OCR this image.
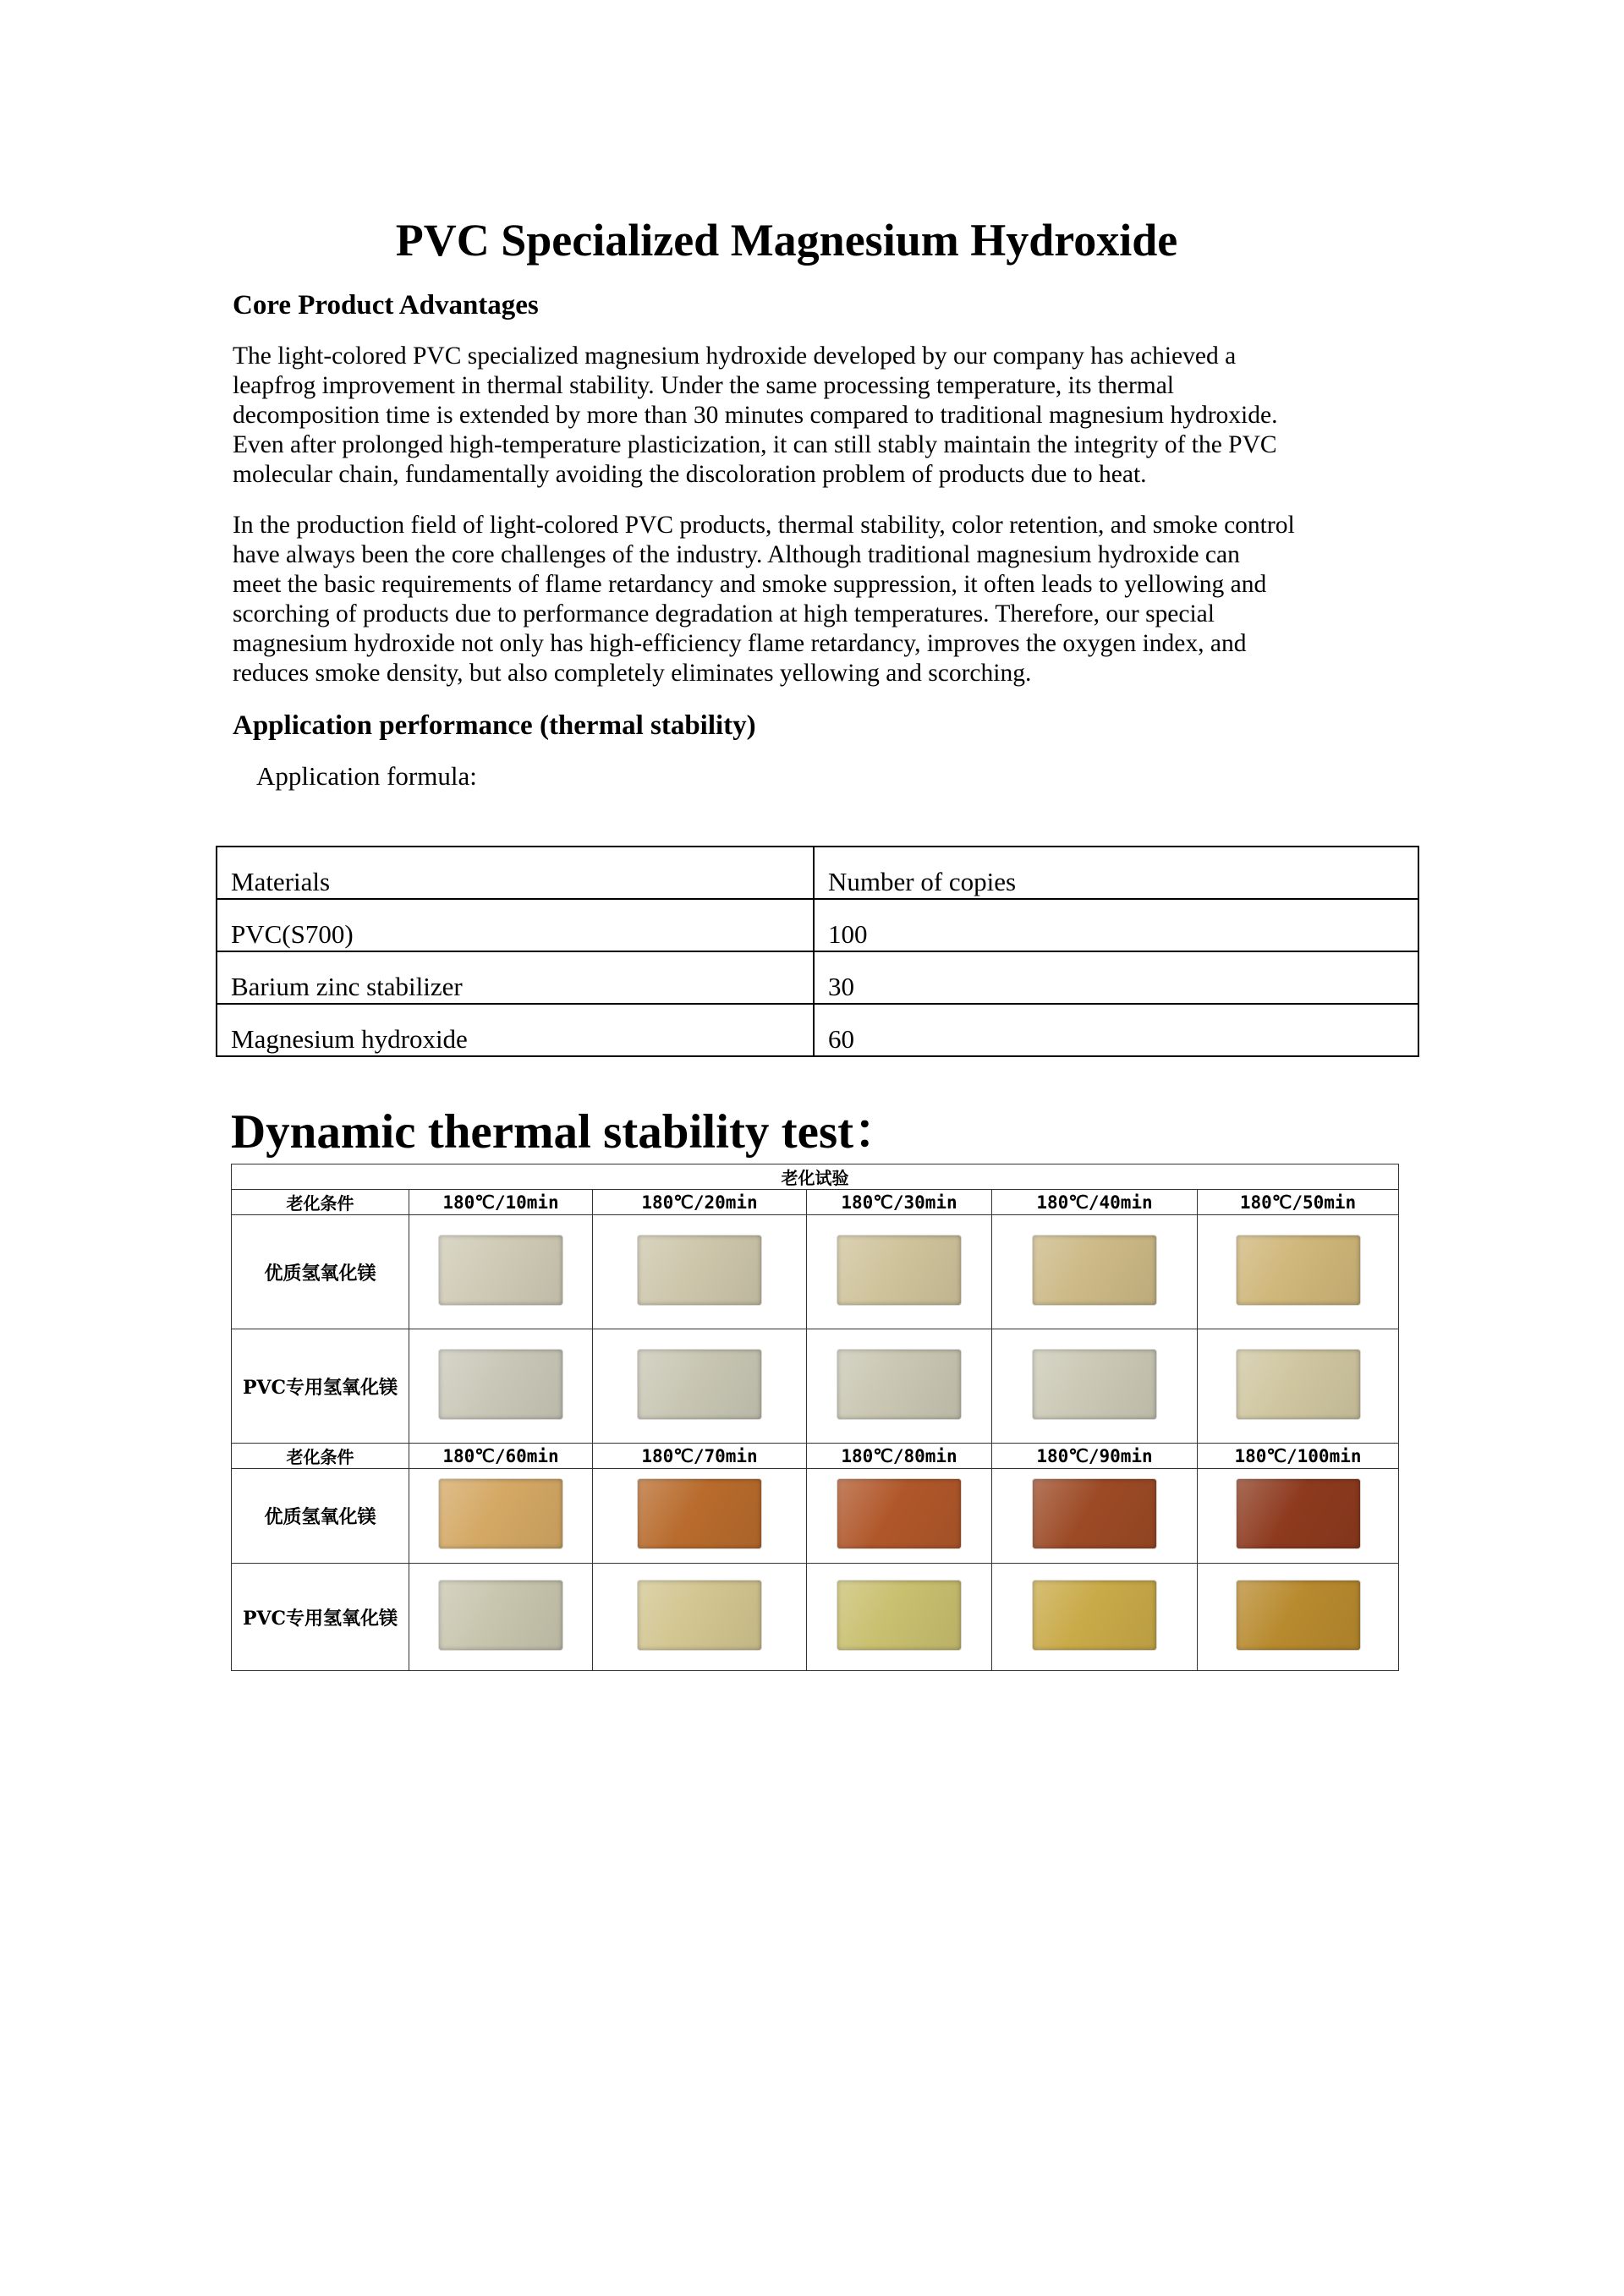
PVC Specialized Magnesium Hydroxide
Core Product Advantages
The light-colored PVC specialized magnesium hydroxide developed by our company has achieved a
leapfrog improvement in thermal stability. Under the same processing temperature, its thermal
decomposition time is extended by more than 30 minutes compared to traditional magnesium hydroxide.
Even after prolonged high-temperature plasticization, it can still stably maintain the integrity of the PVC
molecular chain, fundamentally avoiding the discoloration problem of products due to heat.
In the production field of light-colored PVC products, thermal stability, color retention, and smoke control
have always been the core challenges of the industry. Although traditional magnesium hydroxide can
meet the basic requirements of flame retardancy and smoke suppression, it often leads to yellowing and
scorching of products due to performance degradation at high temperatures. Therefore, our special
magnesium hydroxide not only has high-efficiency flame retardancy, improves the oxygen index, and
reduces smoke density, but also completely eliminates yellowing and scorching.
Application performance (thermal stability)
Application formula:
Materials	Number of copies
PVC(S700)	100
Barium zinc stabilizer	30
Magnesium hydroxide	60
Dynamic thermal stability test：
老化试验					
老化条件	180℃/10min	180℃/20min	180℃/30min	180℃/40min	180℃/50min
优质氢氧化镁					
PVC专用氢氧化镁					
老化条件	180℃/60min	180℃/70min	180℃/80min	180℃/90min	180℃/100min
优质氢氧化镁					
PVC专用氢氧化镁					
